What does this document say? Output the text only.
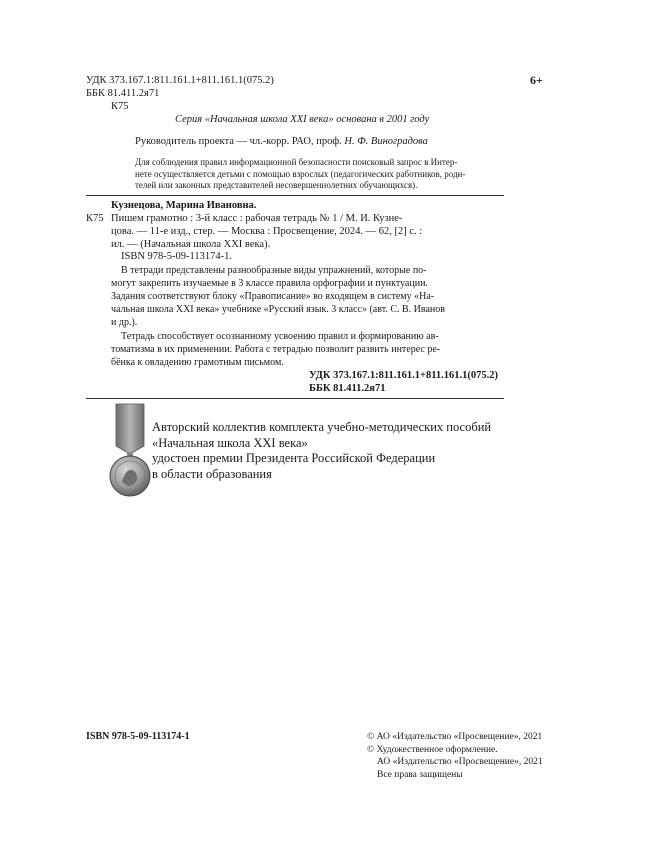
УДК 373.167.1:811.161.1+811.161.1(075.2)
ББК 81.411.2я71
К75
6+
Серия «Начальная школа XXI века» основана в 2001 году
Руководитель проекта — чл.-корр. РАО, проф. Н. Ф. Виноградова
Для соблюдения правил информационной безопасности поисковый запрос в Интер-
нете осуществляется детьми с помощью взрослых (педагогических работников, роди-
телей или законных представителей несовершеннолетних обучающихся).
Кузнецова, Марина Ивановна.
К75 Пишем грамотно : 3-й класс : рабочая тетрадь № 1 / М. И. Кузне-
цова. — 11-е изд., стер. — Москва : Просвещение, 2024. — 62, [2] с. :
ил. — (Начальная школа XXI века).
ISBN 978-5-09-113174-1.
В тетради представлены разнообразные виды упражнений, которые по-
могут закрепить изучаемые в 3 классе правила орфографии и пунктуации.
Задания соответствуют блоку «Правописание» во входящем в систему «На-
чальная школа XXI века» учебнике «Русский язык. 3 класс» (авт. С. В. Иванов
и др.).
Тетрадь способствует осознанному усвоению правил и формированию ав-
томатизма в их применении. Работа с тетрадью позволит развить интерес ре-
бёнка к овладению грамотным письмом.
УДК 373.167.1:811.161.1+811.161.1(075.2)
ББК 81.411.2я71
Авторский коллектив комплекта учебно-методических пособий
«Начальная школа XXI века»
удостоен премии Президента Российской Федерации
в области образования
ISBN 978-5-09-113174-1	© АО «Издательство «Просвещение», 2021
© Художественное оформление.
АО «Издательство «Просвещение», 2021
Все права защищены
